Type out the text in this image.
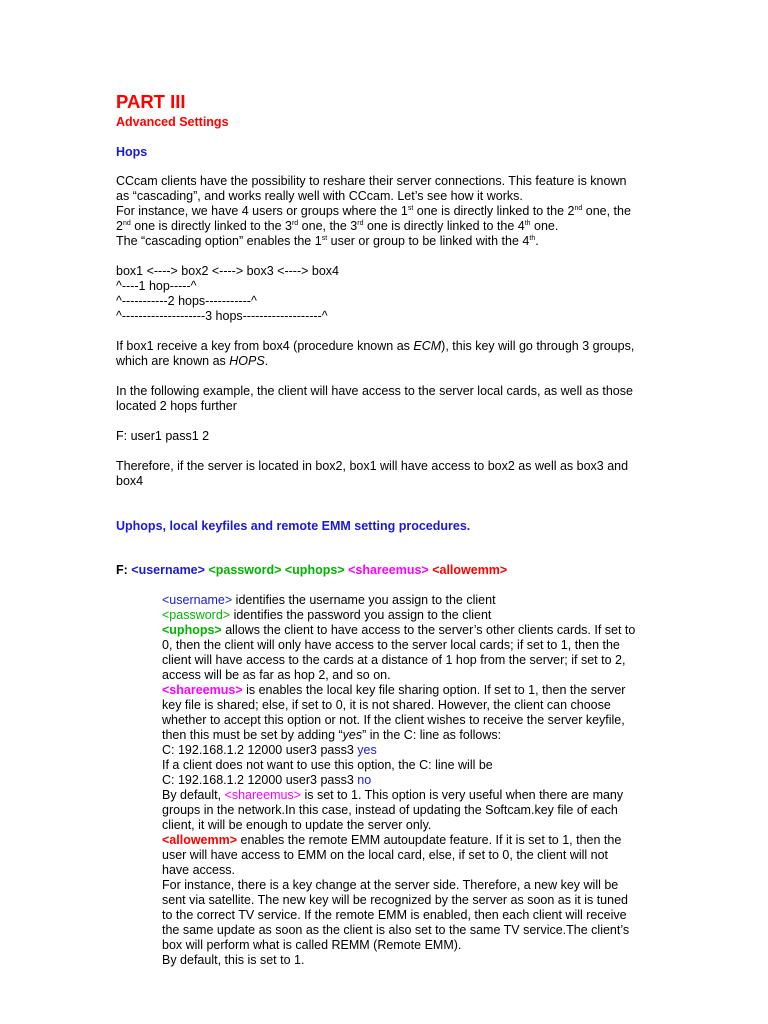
PART III
Advanced Settings
Hops

CCcam clients have the possibility to reshare their server connections. This feature is known

as “cascading”, and works really well with CCcam. Let’s see how it works.

For instance, we have 4 users or groups where the 1st one is directly linked to the 2nd one, the

2nd one is directly linked to the 3rd one, the 3rd one is directly linked to the 4th one.

The “cascading option” enables the 1st user or group to be linked with the 4th.

box1 <----> box2 <----> box3 <----> box4

^----1 hop-----^

^-----------2 hops-----------^

^--------------------3 hops-------------------^

If box1 receive a key from box4 (procedure known as ECM), this key will go through 3 groups,

which are known as HOPS.

In the following example, the client will have access to the server local cards, as well as those

located 2 hops further

F: user1 pass1 2

Therefore, if the server is located in box2, box1 will have access to box2 as well as box3 and

box4

Uphops, local keyfiles and remote EMM setting procedures.
F: <username> <password> <uphops> <shareemus> <allowemm>

<username> identifies the username you assign to the client

<password> identifies the password you assign to the client

<uphops> allows the client to have access to the server’s other clients cards. If set to

0, then the client will only have access to the server local cards; if set to 1, then the

client will have access to the cards at a distance of 1 hop from the server; if set to 2,

access will be as far as hop 2, and so on.

<shareemus> is enables the local key file sharing option. If set to 1, then the server

key file is shared; else, if set to 0, it is not shared. However, the client can choose

whether to accept this option or not. If the client wishes to receive the server keyfile,

then this must be set by adding “yes” in the C: line as follows:

C: 192.168.1.2 12000 user3 pass3 yes

If a client does not want to use this option, the C: line will be

C: 192.168.1.2 12000 user3 pass3 no

By default, <shareemus> is set to 1. This option is very useful when there are many

groups in the network.In this case, instead of updating the Softcam.key file of each

client, it will be enough to update the server only.

<allowemm> enables the remote EMM autoupdate feature. If it is set to 1, then the

user will have access to EMM on the local card, else, if set to 0, the client will not

have access.

For instance, there is a key change at the server side. Therefore, a new key will be

sent via satellite. The new key will be recognized by the server as soon as it is tuned

to the correct TV service. If the remote EMM is enabled, then each client will receive

the same update as soon as the client is also set to the same TV service.The client’s

box will perform what is called REMM (Remote EMM).

By default, this is set to 1.
